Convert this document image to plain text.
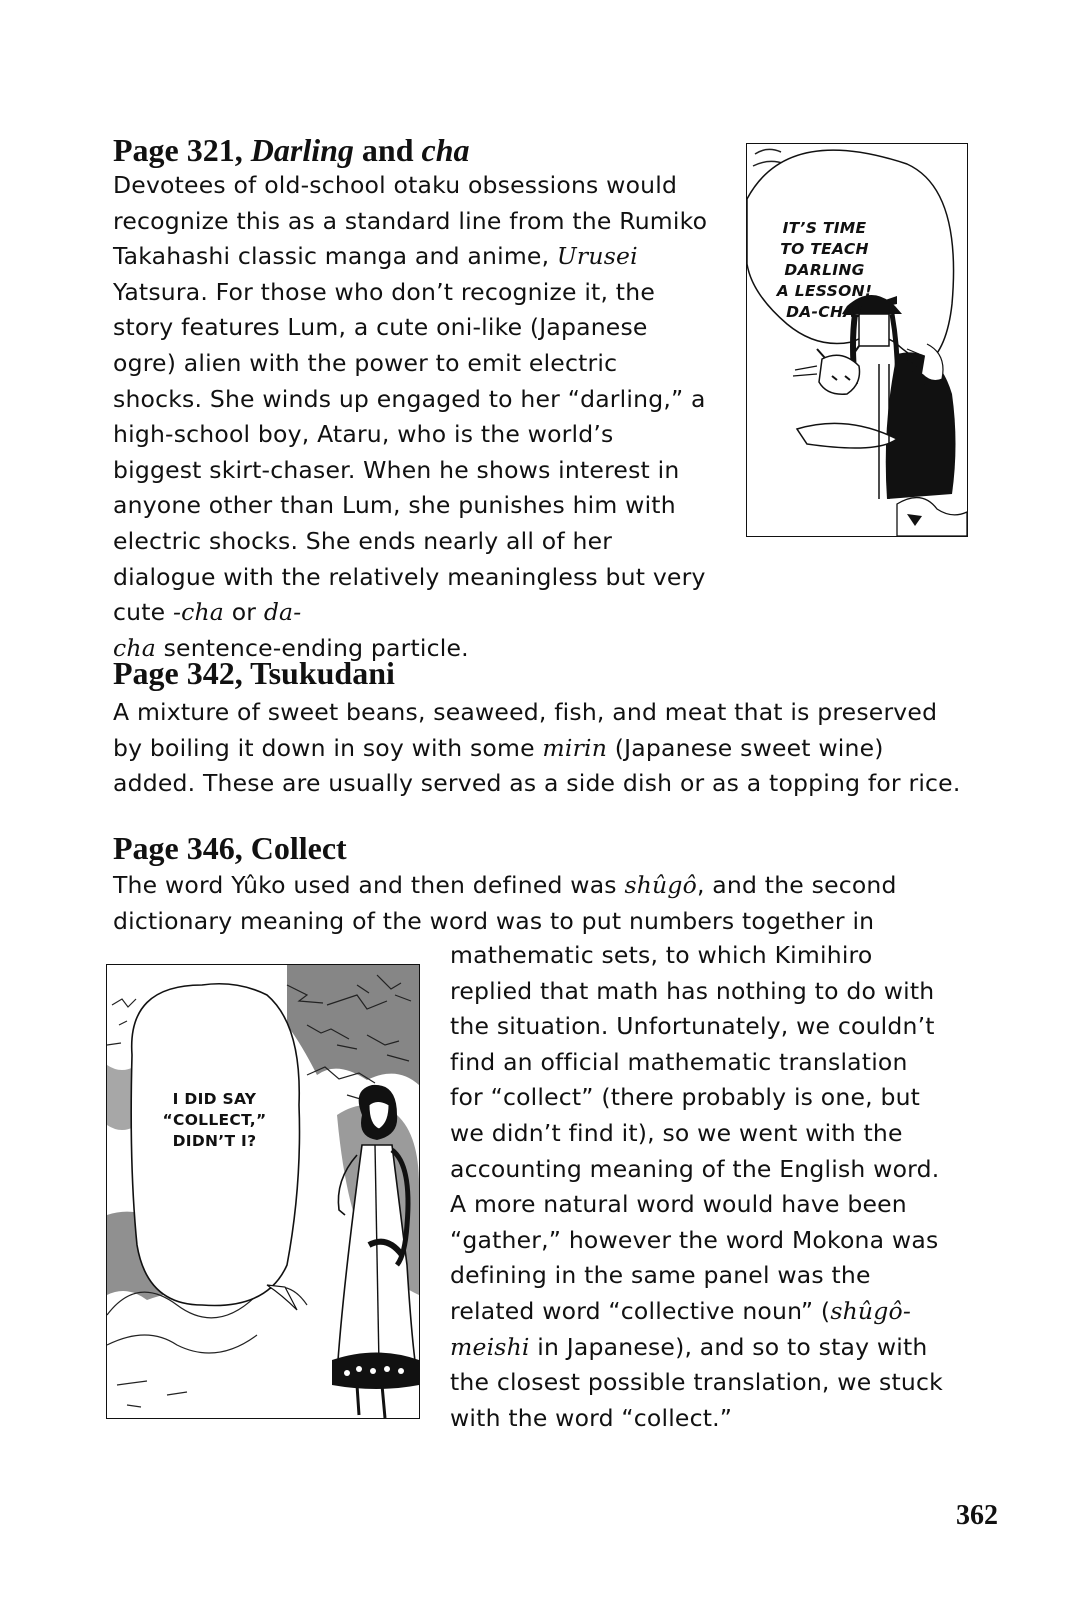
Page 321, Darling and cha
Devotees of old-school otaku obsessions would
recognize this as a standard line from the Rumiko
Takahashi classic manga and anime, Urusei
Yatsura. For those who don’t recognize it, the
story features Lum, a cute oni-like (Japanese
ogre) alien with the power to emit electric
shocks. She winds up engaged to her “darling,” a
high-school boy, Ataru, who is the world’s
biggest skirt-chaser. When he shows interest in
anyone other than Lum, she punishes him with
electric shocks. She ends nearly all of her
dialogue with the relatively meaningless but very cute -cha or da-
cha sentence-ending particle.
IT’S TIME
TO TEACH
DARLING
A LESSON!
DA-CHA!
Page 342, Tsukudani
A mixture of sweet beans, seaweed, fish, and meat that is preserved
by boiling it down in soy with some mirin (Japanese sweet wine)
added. These are usually served as a side dish or as a topping for rice.
Page 346, Collect
The word Yûko used and then defined was shûgô, and the second
dictionary meaning of the word was to put numbers together in
mathematic sets, to which Kimihiro
replied that math has nothing to do with
the situation. Unfortunately, we couldn’t
find an official mathematic translation
for “collect” (there probably is one, but
we didn’t find it), so we went with the
accounting meaning of the English word.
A more natural word would have been
“gather,” however the word Mokona was
defining in the same panel was the
related word “collective noun” (shûgô-
meishi in Japanese), and so to stay with
the closest possible translation, we stuck
with the word “collect.”
I DID SAY
“COLLECT,”
DIDN’T I?
362
